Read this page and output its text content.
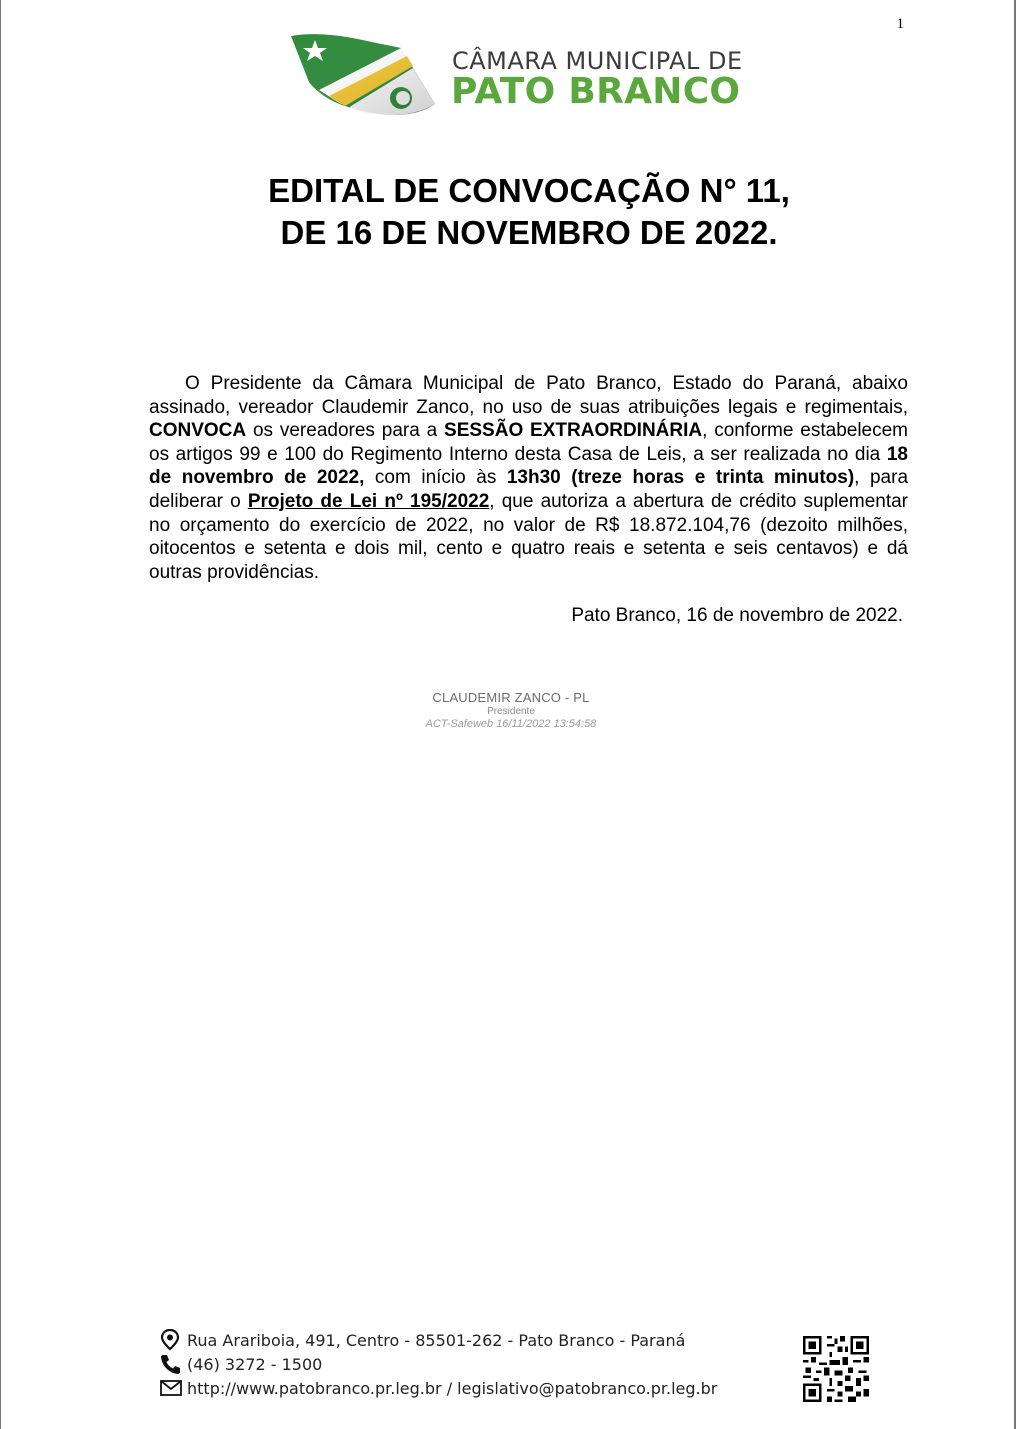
1
CÂMARA MUNICIPAL DE
PATO BRANCO
EDITAL DE CONVOCAÇÃO N° 11,
DE 16 DE NOVEMBRO DE 2022.
O Presidente da Câmara Municipal de Pato Branco, Estado do Paraná, abaixo assinado, vereador Claudemir Zanco, no uso de suas atribuições legais e regimentais, CONVOCA os vereadores para a SESSÃO EXTRAORDINÁRIA, conforme estabelecem os artigos 99 e 100 do Regimento Interno desta Casa de Leis, a ser realizada no dia 18 de novembro de 2022, com início às 13h30 (treze horas e trinta minutos), para deliberar o Projeto de Lei nº 195/2022, que autoriza a abertura de crédito suplementar no orçamento do exercício de 2022, no valor de R$ 18.872.104,76 (dezoito milhões, oitocentos e setenta e dois mil, cento e quatro reais e setenta e seis centavos) e dá outras providências.
Pato Branco, 16 de novembro de 2022.
CLAUDEMIR ZANCO - PL
Presidente
ACT-Safeweb 16/11/2022 13:54:58
Rua Arariboia, 491, Centro - 85501-262 - Pato Branco - Paraná
(46) 3272 - 1500
http://www.patobranco.pr.leg.br / legislativo@patobranco.pr.leg.br
